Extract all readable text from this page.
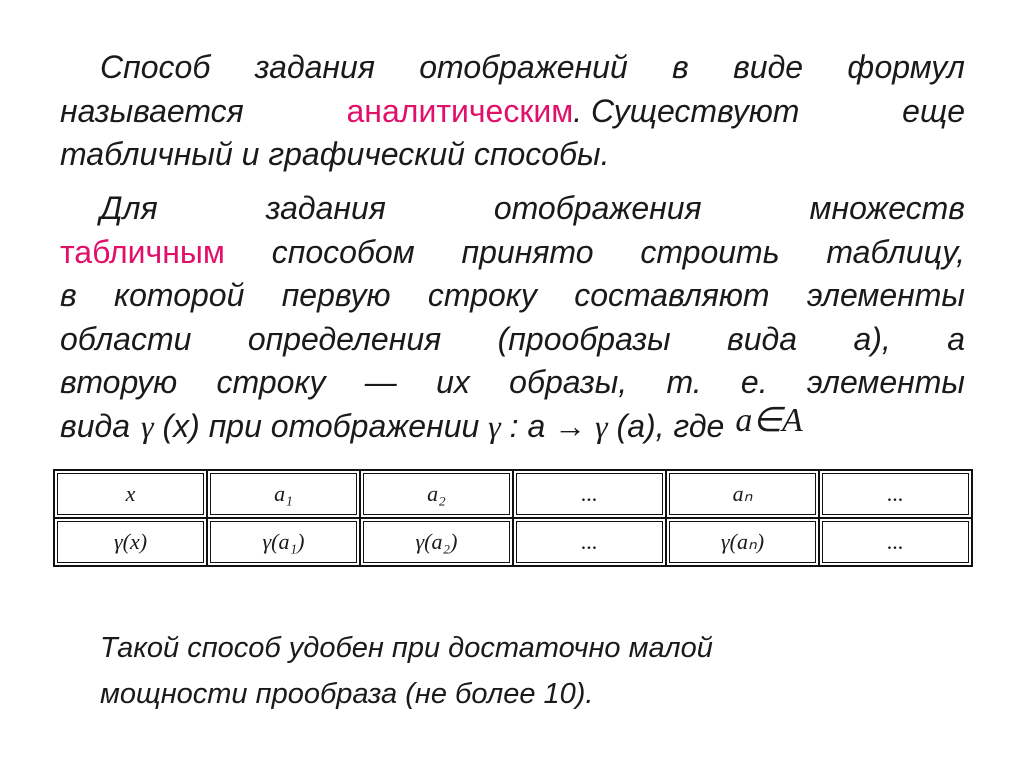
Способ задания отображений в виде формул
называется	аналитическим. Существуют	еще
табличный и графический способы.
Для	задания	отображения	множеств
табличным способом принято строить таблицу,
в которой первую строку составляют элементы
области определения (прообразы вида а), а
вторую строку — их образы, т. е. элементы
вида γ (x) при отображении γ : а → γ (а), где a∈A
x	a₁	a₂	...	aₙ	...
γ(x)	γ(a₁)	γ(a₂)	...	γ(aₙ)	...
Такой способ удобен при достаточно малой
мощности прообраза (не более 10).
